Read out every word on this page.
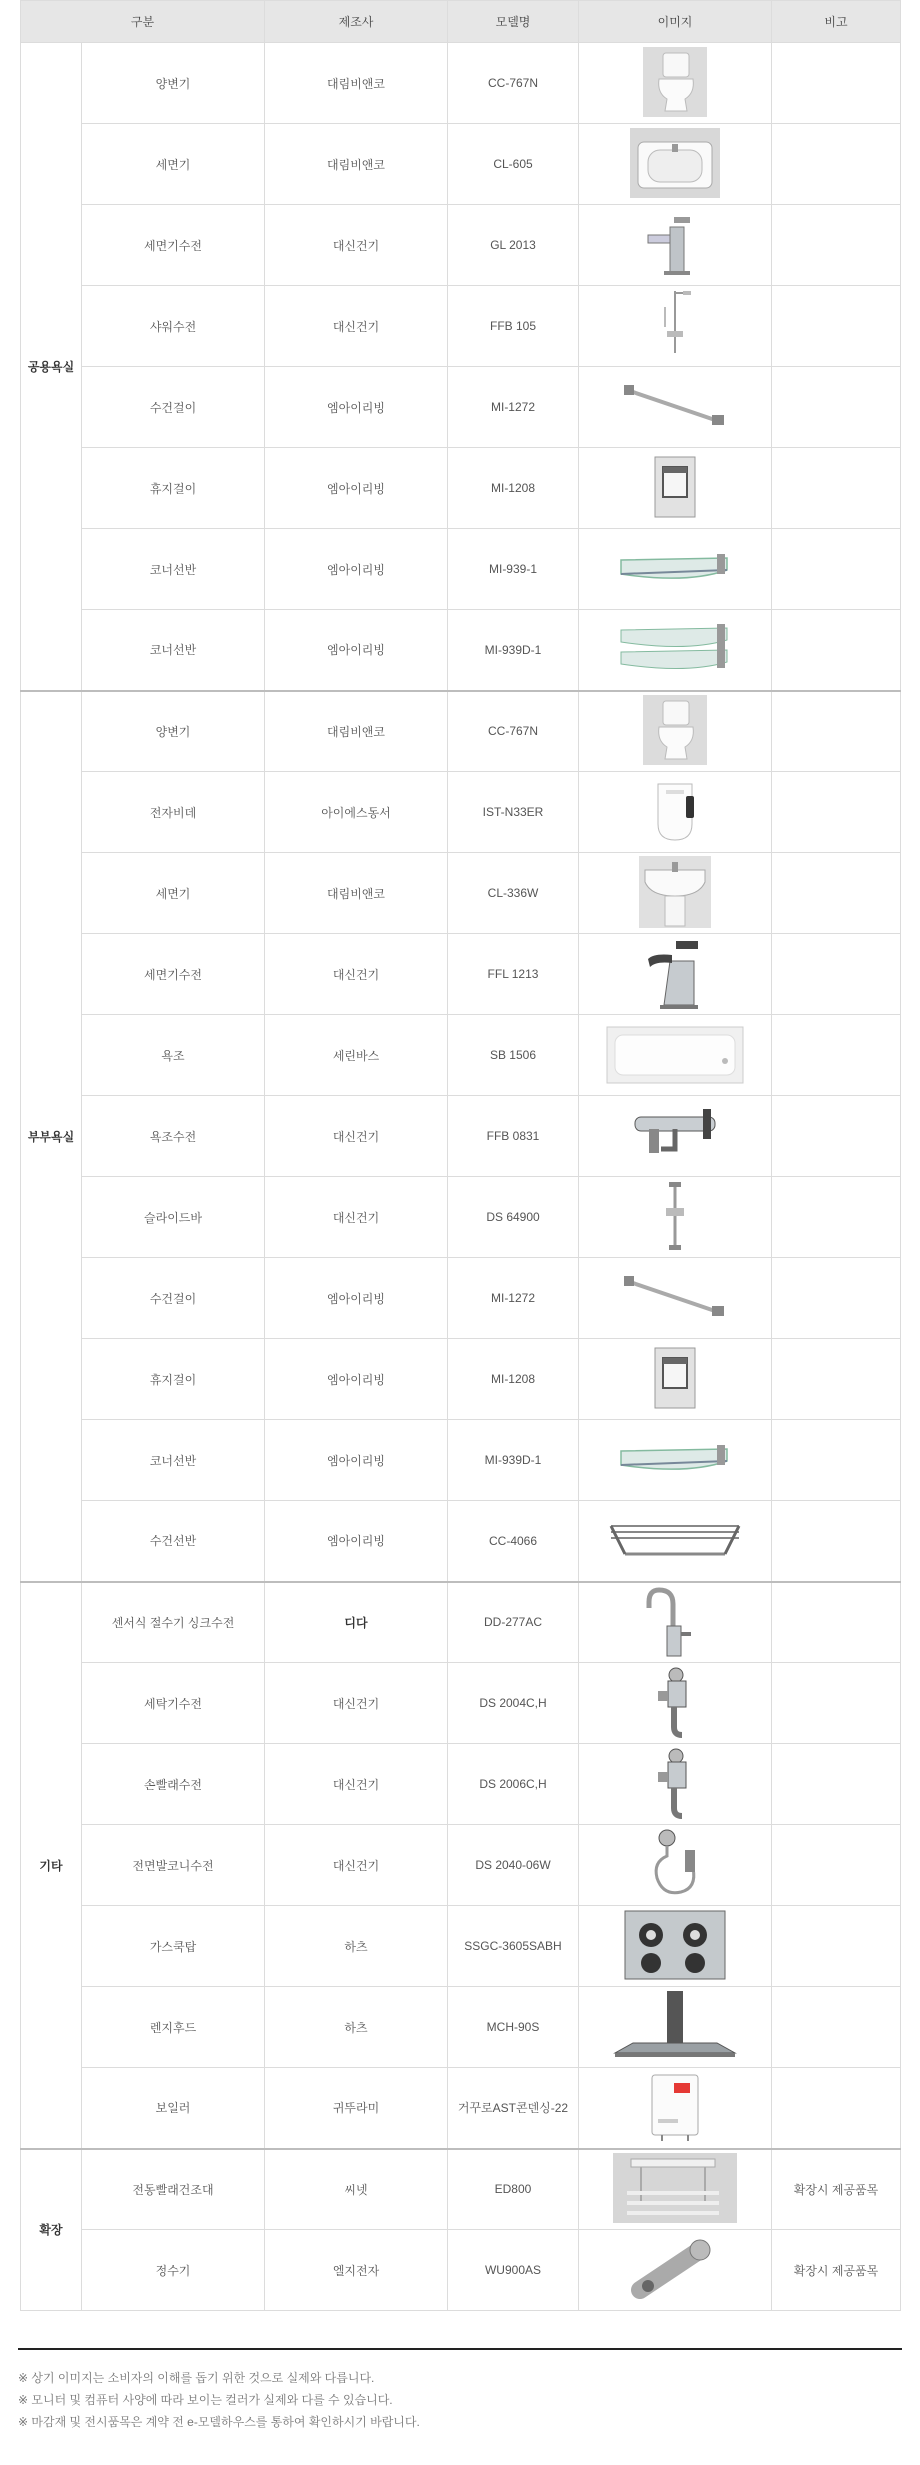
구분		제조사	모델명	이미지	비고
공용욕실	양변기	대림비앤코	CC-767N	

	세면기	대림비앤코	CL-605	

	세면기수전	대신건기	GL 2013	

	샤워수전	대신건기	FFB 105	

	수건걸이	엠아이리빙	MI-1272	

	휴지걸이	엠아이리빙	MI-1208	

	코너선반	엠아이리빙	MI-939-1	

	코너선반	엠아이리빙	MI-939D-1	

부부욕실	양변기	대림비앤코	CC-767N	

	전자비데	아이에스동서	IST-N33ER	

	세면기	대림비앤코	CL-336W	

	세면기수전	대신건기	FFL 1213	

	욕조	세린바스	SB 1506	

	욕조수전	대신건기	FFB 0831	

	슬라이드바	대신건기	DS 64900	

	수건걸이	엠아이리빙	MI-1272	

	휴지걸이	엠아이리빙	MI-1208	

	코너선반	엠아이리빙	MI-939D-1	

	수건선반	엠아이리빙	CC-4066	

기타	센서식 절수기 싱크수전	디다	DD-277AC	

	세탁기수전	대신건기	DS 2004C,H	

	손빨래수전	대신건기	DS 2006C,H	

	전면발코니수전	대신건기	DS 2040-06W	

	가스쿡탑	하츠	SSGC-3605SABH	

	렌지후드	하츠	MCH-90S	

	보일러	귀뚜라미	거꾸로AST콘덴싱-22	

확장	전동빨래건조대	씨넷	ED800		확장시 제공품목
	정수기	엘지전자	WU900AS		확장시 제공품목

※ 상기 이미지는 소비자의 이해를 돕기 위한 것으로 실제와 다릅니다.

※ 모니터 및 컴퓨터 사양에 따라 보이는 컬러가 실제와 다를 수 있습니다.

※ 마감재 및 전시품목은 계약 전 e-모델하우스를 통하여 확인하시기 바랍니다.
